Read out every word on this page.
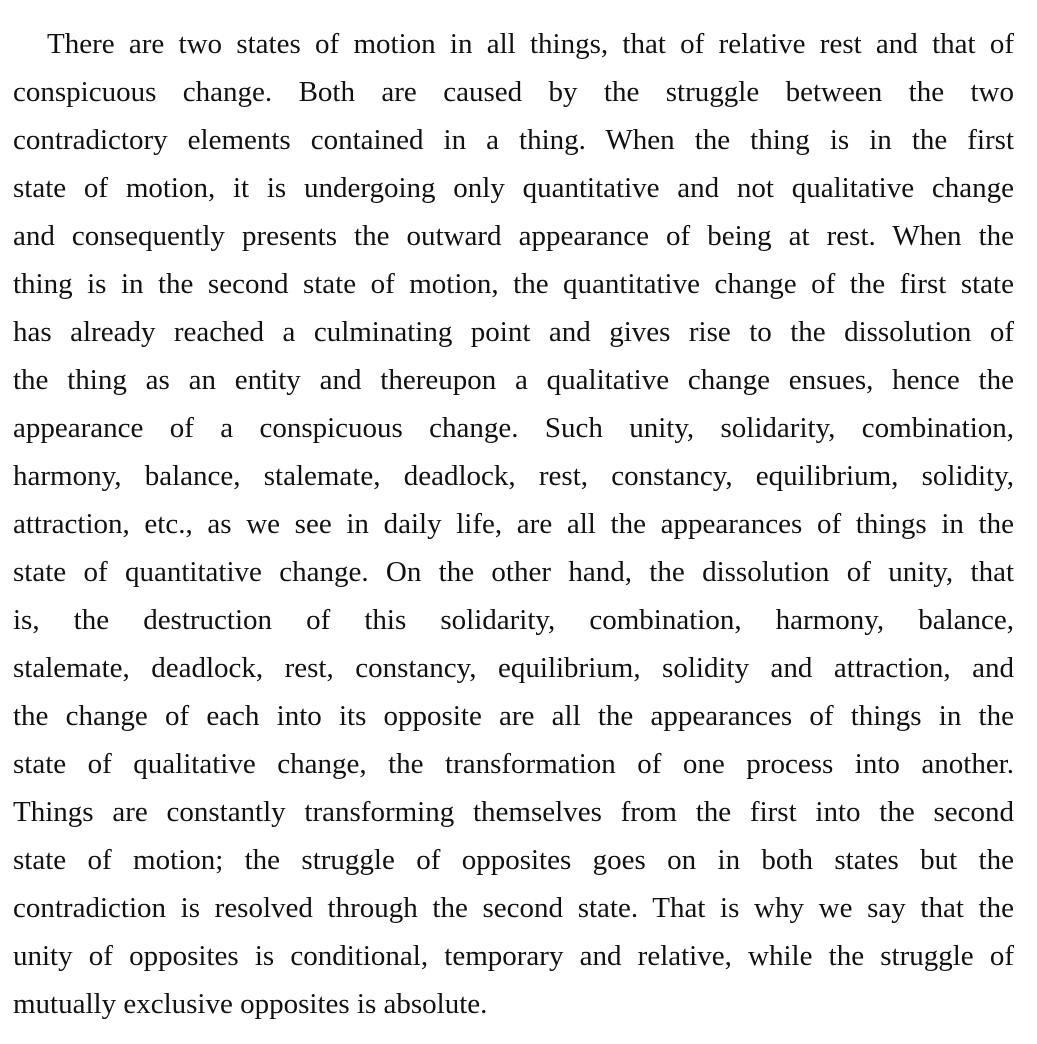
There are two states of motion in all things, that of relative rest and that of
conspicuous change. Both are caused by the struggle between the two
contradictory elements contained in a thing. When the thing is in the first
state of motion, it is undergoing only quantitative and not qualitative change
and consequently presents the outward appearance of being at rest. When the
thing is in the second state of motion, the quantitative change of the first state
has already reached a culminating point and gives rise to the dissolution of
the thing as an entity and thereupon a qualitative change ensues, hence the
appearance of a conspicuous change. Such unity, solidarity, combination,
harmony, balance, stalemate, deadlock, rest, constancy, equilibrium, solidity,
attraction, etc., as we see in daily life, are all the appearances of things in the
state of quantitative change. On the other hand, the dissolution of unity, that
is, the destruction of this solidarity, combination, harmony, balance,
stalemate, deadlock, rest, constancy, equilibrium, solidity and attraction, and
the change of each into its opposite are all the appearances of things in the
state of qualitative change, the transformation of one process into another.
Things are constantly transforming themselves from the first into the second
state of motion; the struggle of opposites goes on in both states but the
contradiction is resolved through the second state. That is why we say that the
unity of opposites is conditional, temporary and relative, while the struggle of
mutually exclusive opposites is absolute.
